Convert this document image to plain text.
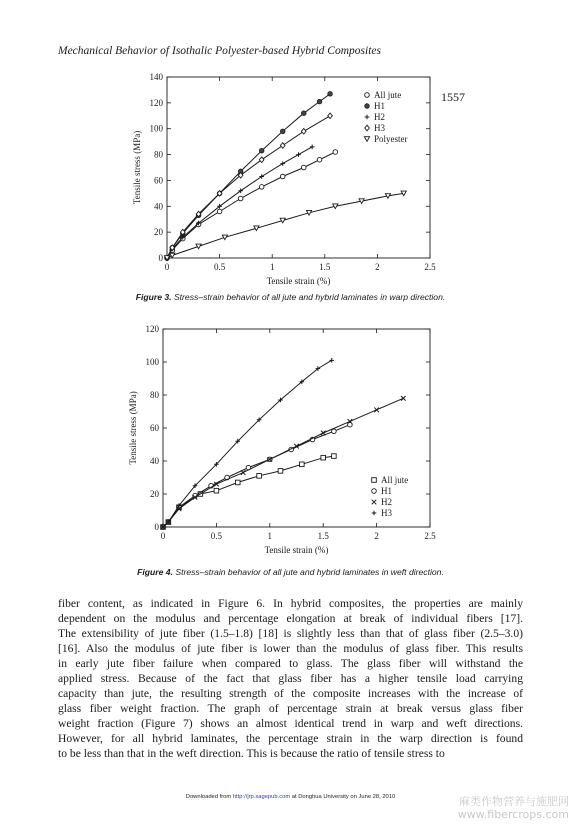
Mechanical Behavior of Isothalic Polyester-based Hybrid Composites
1557
0	0.5	1	1.5	2	2.5
0
20
40
60
80
100
120
140
Tensile strain (%)
Tensile stress (MPa)
All jute
H1
H2
H3
Polyester
Figure 3. Stress–strain behavior of all jute and hybrid laminates in warp direction.
0	0.5	1	1.5	2	2.5
0
20
40
60
80
100
120
Tensile strain (%)
Tensile stress (MPa)
All jute
H1
H2
H3
Figure 4. Stress–strain behavior of all jute and hybrid laminates in weft direction.
fiber content, as indicated in Figure 6. In hybrid composites, the properties are mainly
dependent on the modulus and percentage elongation at break of individual fibers [17].
The extensibility of jute fiber (1.5–1.8) [18] is slightly less than that of glass fiber (2.5–3.0)
[16]. Also the modulus of jute fiber is lower than the modulus of glass fiber. This results
in early jute fiber failure when compared to glass. The glass fiber will withstand the
applied stress. Because of the fact that glass fiber has a higher tensile load carrying
capacity than jute, the resulting strength of the composite increases with the increase of
glass fiber weight fraction. The graph of percentage strain at break versus glass fiber
weight fraction (Figure 7) shows an almost identical trend in warp and weft directions.
However, for all hybrid laminates, the percentage strain in the warp direction is found
to be less than that in the weft direction. This is because the ratio of tensile stress to
Downloaded from http://jrp.sagepub.com at Donghua University on June 28, 2010	麻类作物营养与施肥网
www.fibercrops.com
